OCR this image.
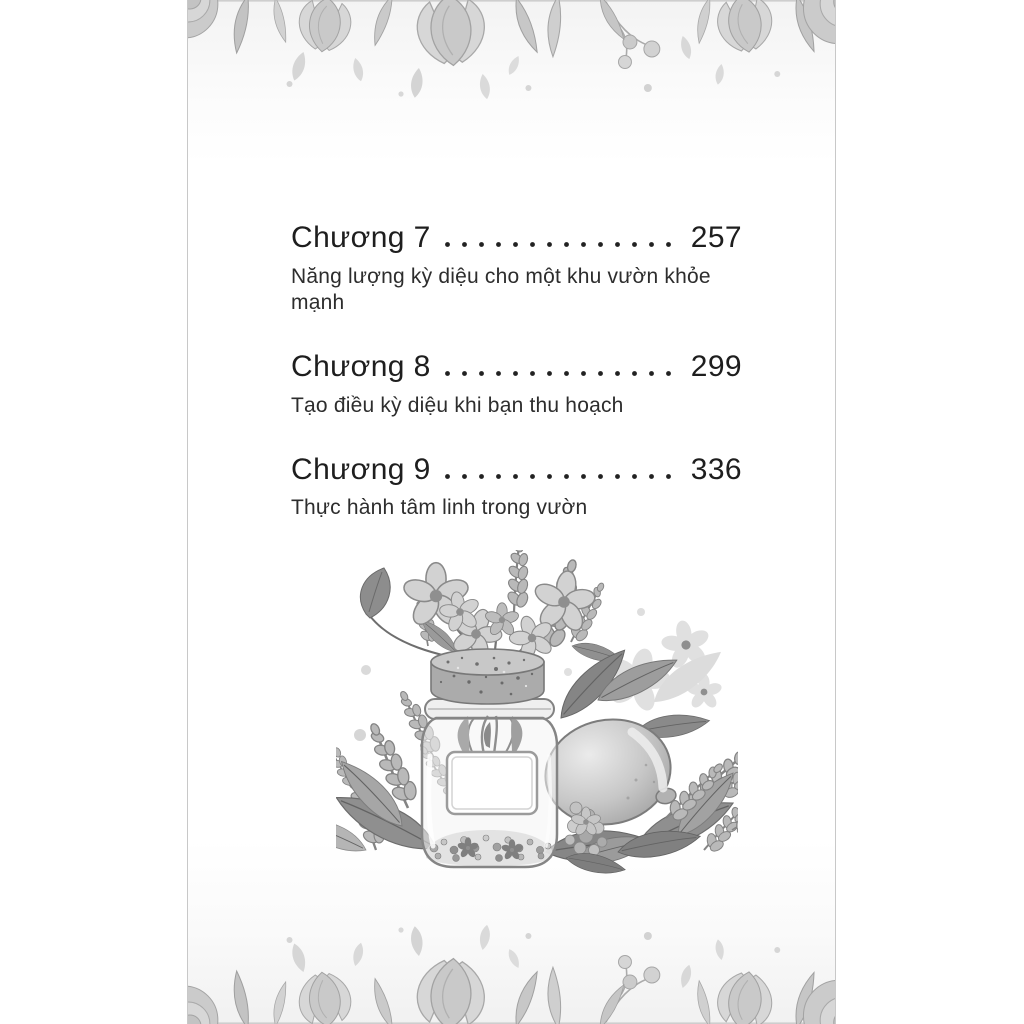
Chương 7	257

Năng lượng kỳ diệu cho một khu vườn khỏe mạnh

Chương 8	299

Tạo điều kỳ diệu khi bạn thu hoạch

Chương 9	336

Thực hành tâm linh trong vườn
